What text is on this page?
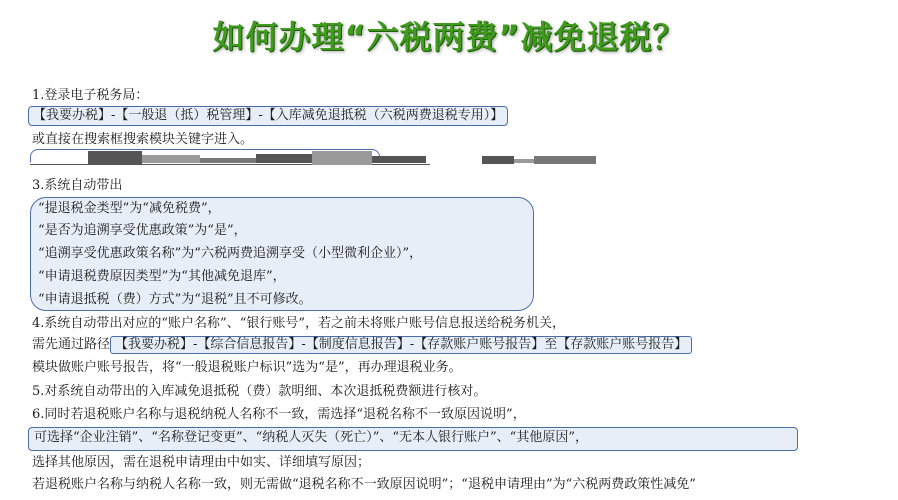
如何办理“六税两费”减免退税？
1.登录电子税务局：
【我要办税】-【一般退（抵）税管理】-【入库减免退抵税（六税两费退税专用）】
或直接在搜索框搜索模块关键字进入。
3.系统自动带出
“提退税金类型”为“减免税费”，
“是否为追溯享受优惠政策”为“是”，
“追溯享受优惠政策名称”为“六税两费追溯享受（小型微利企业）”，
“申请退税费原因类型”为“其他减免退库”，
“申请退抵税（费）方式”为“退税”且不可修改。
4.系统自动带出对应的“账户名称”、“银行账号”，若之前未将账户账号信息报送给税务机关，
需先通过路径 【我要办税】-【综合信息报告】-【制度信息报告】-【存款账户账号报告】至【存款账户账号报告】
模块做账户账号报告，将“一般退税账户标识”选为“是”，再办理退税业务。
5.对系统自动带出的入库减免退抵税（费）款明细、本次退抵税费额进行核对。
6.同时若退税账户名称与退税纳税人名称不一致，需选择“退税名称不一致原因说明”，
可选择“企业注销”、“名称登记变更”、“纳税人灭失（死亡）”、“无本人银行账户”、“其他原因”，
选择其他原因，需在退税申请理由中如实、详细填写原因；
若退税账户名称与纳税人名称一致，则无需做“退税名称不一致原因说明”；“退税申请理由”为“六税两费政策性减免”
